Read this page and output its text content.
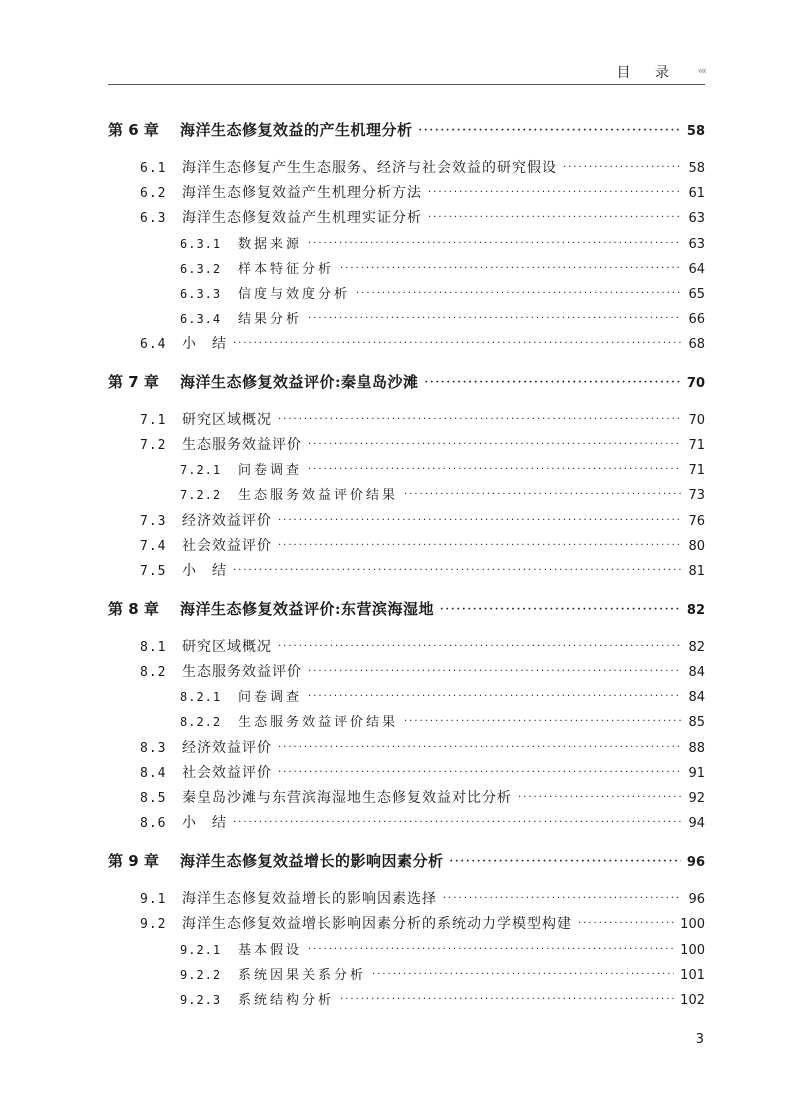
目 录 ‹‹‹
第 6 章	海洋生态修复效益的产生机理分析 ·····	58
6.1	海洋生态修复产生生态服务、经济与社会效益的研究假设 ·····	58
6.2	海洋生态修复效益产生机理分析方法 ·····	61
6.3	海洋生态修复效益产生机理实证分析 ·····	63
6.3.1	数据来源 ·····	63
6.3.2	样本特征分析 ·····	64
6.3.3	信度与效度分析 ·····	65
6.3.4	结果分析 ·····	66
6.4	小　结 ·····	68
第 7 章	海洋生态修复效益评价:秦皇岛沙滩 ·····	70
7.1	研究区域概况 ·····	70
7.2	生态服务效益评价 ·····	71
7.2.1	问卷调查 ·····	71
7.2.2	生态服务效益评价结果 ·····	73
7.3	经济效益评价 ·····	76
7.4	社会效益评价 ·····	80
7.5	小　结 ·····	81
第 8 章	海洋生态修复效益评价:东营滨海湿地 ·····	82
8.1	研究区域概况 ·····	82
8.2	生态服务效益评价 ·····	84
8.2.1	问卷调查 ·····	84
8.2.2	生态服务效益评价结果 ·····	85
8.3	经济效益评价 ·····	88
8.4	社会效益评价 ·····	91
8.5	秦皇岛沙滩与东营滨海湿地生态修复效益对比分析 ·····	92
8.6	小　结 ·····	94
第 9 章	海洋生态修复效益增长的影响因素分析 ·····	96
9.1	海洋生态修复效益增长的影响因素选择 ·····	96
9.2	海洋生态修复效益增长影响因素分析的系统动力学模型构建 ·····	100
9.2.1	基本假设 ·····	100
9.2.2	系统因果关系分析 ·····	101
9.2.3	系统结构分析 ·····	102
3
